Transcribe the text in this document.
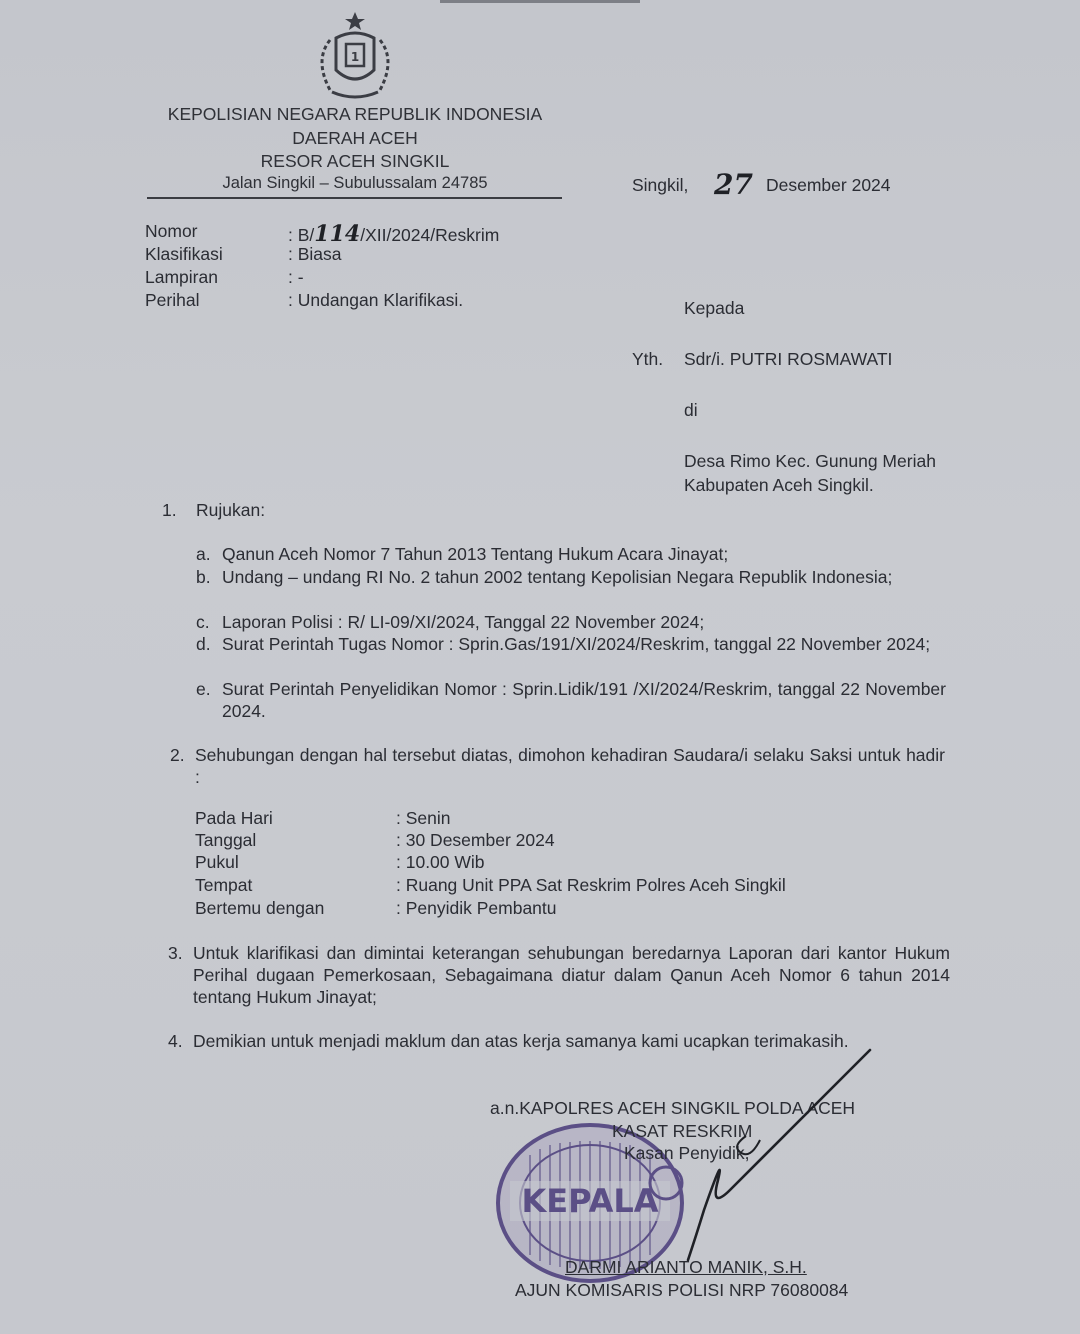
1
KEPOLISIAN NEGARA REPUBLIK INDONESIA
DAERAH ACEH
RESOR ACEH SINGKIL
Jalan Singkil – Subulussalam 24785	Singkil, 27 Desember 2024
Nomor	: B/114/XII/2024/Reskrim
Klasifikasi	: Biasa
Lampiran	: -
Perihal	: Undangan Klarifikasi.	Kepada
Yth. Sdr/i. PUTRI ROSMAWATI
di
Desa Rimo Kec. Gunung Meriah
Kabupaten Aceh Singkil.
1. Rujukan:
a. Qanun Aceh Nomor 7 Tahun 2013 Tentang Hukum Acara Jinayat;
b. Undang – undang RI No. 2 tahun 2002 tentang Kepolisian Negara Republik Indonesia;
c. Laporan Polisi : R/ LI-09/XI/2024, Tanggal 22 November 2024;
d. Surat Perintah Tugas Nomor : Sprin.Gas/191/XI/2024/Reskrim, tanggal 22 November 2024;
e. Surat Perintah Penyelidikan Nomor : Sprin.Lidik/191 /XI/2024/Reskrim, tanggal 22 November 2024.
2. Sehubungan dengan hal tersebut diatas, dimohon kehadiran Saudara/i selaku Saksi untuk hadir :
Pada Hari	: Senin
Tanggal	: 30 Desember 2024
Pukul	: 10.00 Wib
Tempat	: Ruang Unit PPA Sat Reskrim Polres Aceh Singkil
Bertemu dengan	: Penyidik Pembantu
3. Untuk klarifikasi dan dimintai keterangan sehubungan beredarnya Laporan dari kantor Hukum Perihal dugaan Pemerkosaan, Sebagaimana diatur dalam Qanun Aceh Nomor 6 tahun 2014 tentang Hukum Jinayat;
4. Demikian untuk menjadi maklum dan atas kerja samanya kami ucapkan terimakasih.
KEPALA
a.n.KAPOLRES ACEH SINGKIL POLDA ACEH
KASAT RESKRIM
Kasan Penyidik,
DARMI ARIANTO MANIK, S.H.
AJUN KOMISARIS POLISI NRP 76080084
